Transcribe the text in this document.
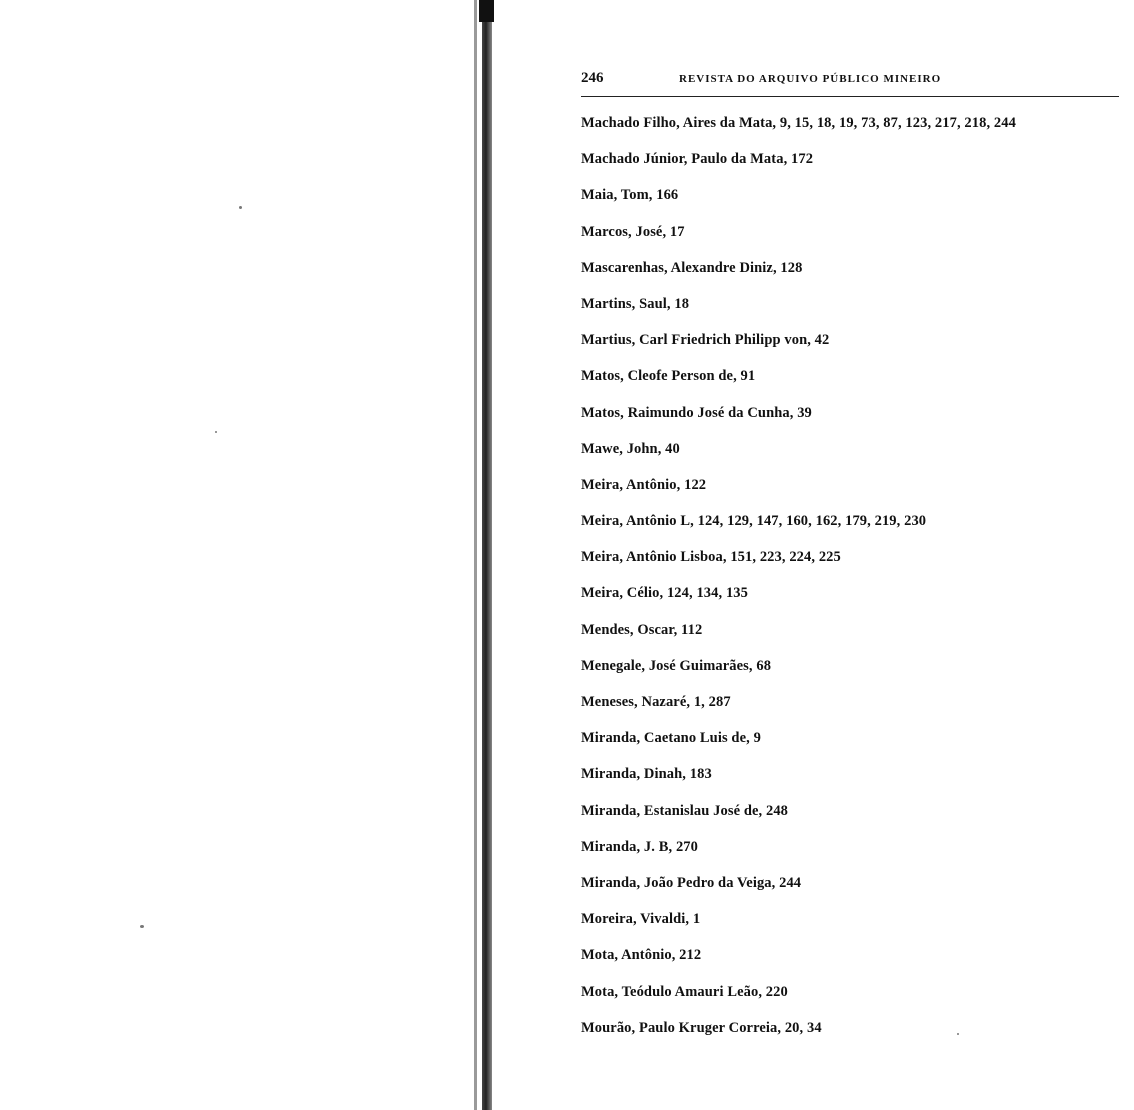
246	REVISTA DO ARQUIVO PÚBLICO MINEIRO
Machado Filho, Aires da Mata, 9, 15, 18, 19, 73, 87, 123, 217, 218, 244
Machado Júnior, Paulo da Mata, 172
Maia, Tom, 166
Marcos, José, 17
Mascarenhas, Alexandre Diniz, 128
Martins, Saul, 18
Martius, Carl Friedrich Philipp von, 42
Matos, Cleofe Person de, 91
Matos, Raimundo José da Cunha, 39
Mawe, John, 40
Meira, Antônio, 122
Meira, Antônio L, 124, 129, 147, 160, 162, 179, 219, 230
Meira, Antônio Lisboa, 151, 223, 224, 225
Meira, Célio, 124, 134, 135
Mendes, Oscar, 112
Menegale, José Guimarães, 68
Meneses, Nazaré, 1, 287
Miranda, Caetano Luis de, 9
Miranda, Dinah, 183
Miranda, Estanislau José de, 248
Miranda, J. B, 270
Miranda, João Pedro da Veiga, 244
Moreira, Vivaldi, 1
Mota, Antônio, 212
Mota, Teódulo Amauri Leão, 220
Mourão, Paulo Kruger Correia, 20, 34
